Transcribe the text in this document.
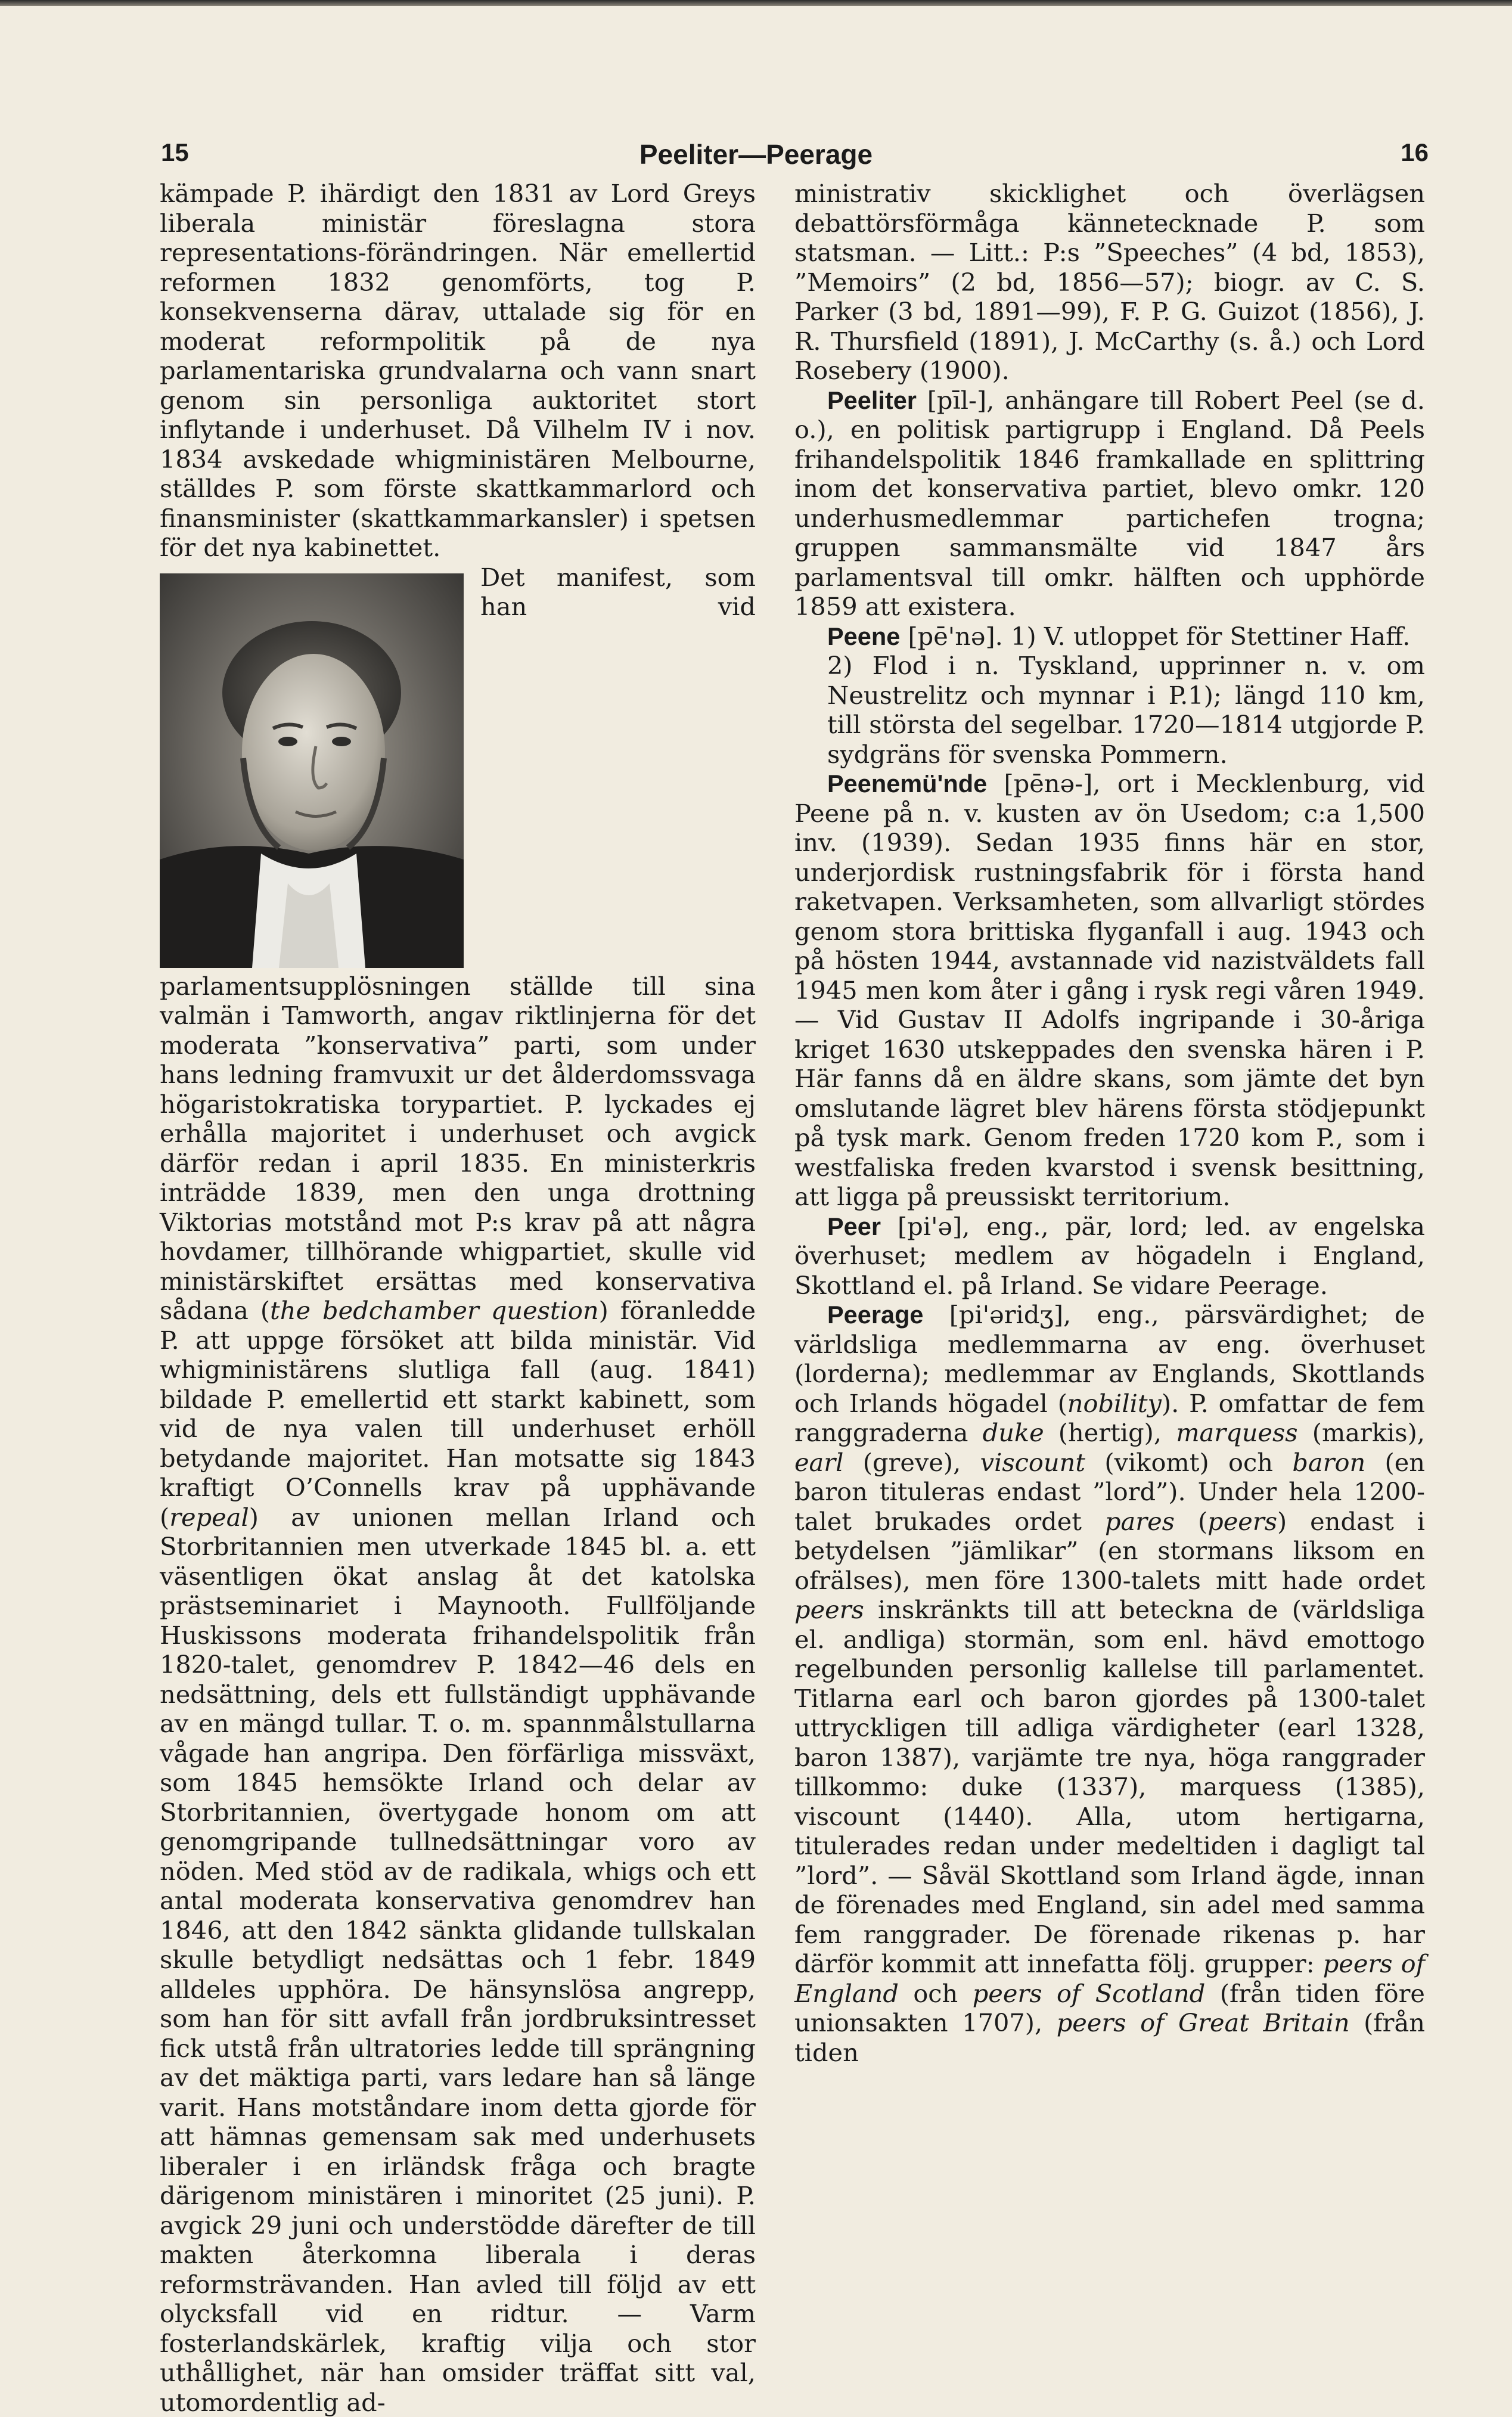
15	Peeliter—Peerage	16

kämpade P. ihärdigt den 1831 av Lord Greys liberala ministär föreslagna stora representations-förändringen. När emellertid reformen 1832 genomförts, tog P. konsekvenserna därav, uttalade sig för en moderat reformpolitik på de nya parlamentariska grundvalarna och vann snart genom sin personliga auktoritet stort inflytande i underhuset. Då Vilhelm IV i nov. 1834 avskedade whigministären Melbourne, ställdes P. som förste skattkammarlord och finansminister (skattkammarkansler) i spetsen för det nya kabinettet.

Det manifest, som han vid parlamentsupplösningen ställde till sina valmän i Tamworth, angav riktlinjerna för det moderata ”konservativa” parti, som under hans ledning framvuxit ur det ålderdomssvaga högaristokratiska torypartiet. P. lyckades ej erhålla majoritet i underhuset och avgick därför redan i april 1835. En ministerkris inträdde 1839, men den unga drottning Viktorias motstånd mot P:s krav på att några hovdamer, tillhörande whigpartiet, skulle vid ministärskiftet ersättas med konservativa sådana (the bedchamber question) föranledde P. att uppge försöket att bilda ministär. Vid whigministärens slutliga fall (aug. 1841) bildade P. emellertid ett starkt kabinett, som vid de nya valen till underhuset erhöll betydande majoritet. Han motsatte sig 1843 kraftigt O’Connells krav på upphävande (repeal) av unionen mellan Irland och Storbritannien men utverkade 1845 bl. a. ett väsentligen ökat anslag åt det katolska prästseminariet i Maynooth. Fullföljande Huskissons moderata frihandelspolitik från 1820-talet, genomdrev P. 1842—46 dels en nedsättning, dels ett fullständigt upphävande av en mängd tullar. T. o. m. spannmålstullarna vågade han angripa. Den förfärliga missväxt, som 1845 hemsökte Irland och delar av Storbritannien, övertygade honom om att genomgripande tullnedsättningar voro av nöden. Med stöd av de radikala, whigs och ett antal moderata konservativa genomdrev han 1846, att den 1842 sänkta glidande tullskalan skulle betydligt nedsättas och 1 febr. 1849 alldeles upphöra. De hänsynslösa angrepp, som han för sitt avfall från jordbruksintresset fick utstå från ultratories ledde till sprängning av det mäktiga parti, vars ledare han så länge varit. Hans motståndare inom detta gjorde för att hämnas gemensam sak med underhusets liberaler i en irländsk fråga och bragte därigenom ministären i minoritet (25 juni). P. avgick 29 juni och understödde därefter de till makten återkomna liberala i deras reformsträvanden. Han avled till följd av ett olycksfall vid en ridtur. — Varm fosterlandskärlek, kraftig vilja och stor uthållighet, när han omsider träffat sitt val, utomordentlig ad-

ministrativ skicklighet och överlägsen debattörsförmåga kännetecknade P. som statsman. — Litt.: P:s ”Speeches” (4 bd, 1853), ”Memoirs” (2 bd, 1856—57); biogr. av C. S. Parker (3 bd, 1891—99), F. P. G. Guizot (1856), J. R. Thursfield (1891), J. McCarthy (s. å.) och Lord Rosebery (1900).

Peeliter [pīl-], anhängare till Robert Peel (se d. o.), en politisk partigrupp i England. Då Peels frihandelspolitik 1846 framkallade en splittring inom det konservativa partiet, blevo omkr. 120 underhusmedlemmar partichefen trogna; gruppen sammansmälte vid 1847 års parlamentsval till omkr. hälften och upphörde 1859 att existera.

Peene [pē'nə]. 1) V. utloppet för Stettiner Haff.

2) Flod i n. Tyskland, upprinner n. v. om Neustrelitz och mynnar i P.1); längd 110 km, till största del segelbar. 1720—1814 utgjorde P. sydgräns för svenska Pommern.

Peenemü'nde [pēnə-], ort i Mecklenburg, vid Peene på n. v. kusten av ön Usedom; c:a 1,500 inv. (1939). Sedan 1935 finns här en stor, underjordisk rustningsfabrik för i första hand raketvapen. Verksamheten, som allvarligt stördes genom stora brittiska flyganfall i aug. 1943 och på hösten 1944, avstannade vid nazistväldets fall 1945 men kom åter i gång i rysk regi våren 1949. — Vid Gustav II Adolfs ingripande i 30-åriga kriget 1630 utskeppades den svenska hären i P. Här fanns då en äldre skans, som jämte det byn omslutande lägret blev härens första stödjepunkt på tysk mark. Genom freden 1720 kom P., som i westfaliska freden kvarstod i svensk besittning, att ligga på preussiskt territorium.

Peer [pi'ə], eng., pär, lord; led. av engelska överhuset; medlem av högadeln i England, Skottland el. på Irland. Se vidare Peerage.

Peerage [pi'əridʒ], eng., pärsvärdighet; de världsliga medlemmarna av eng. överhuset (lorderna); medlemmar av Englands, Skottlands och Irlands högadel (nobility). P. omfattar de fem ranggraderna duke (hertig), marquess (markis), earl (greve), viscount (vikomt) och baron (en baron tituleras endast ”lord”). Under hela 1200-talet brukades ordet pares (peers) endast i betydelsen ”jämlikar” (en stormans liksom en ofrälses), men före 1300-talets mitt hade ordet peers inskränkts till att beteckna de (världsliga el. andliga) stormän, som enl. hävd emottogo regelbunden personlig kallelse till parlamentet. Titlarna earl och baron gjordes på 1300-talet uttryckligen till adliga värdigheter (earl 1328, baron 1387), varjämte tre nya, höga ranggrader tillkommo: duke (1337), marquess (1385), viscount (1440). Alla, utom hertigarna, titulerades redan under medeltiden i dagligt tal ”lord”. — Såväl Skottland som Irland ägde, innan de förenades med England, sin adel med samma fem ranggrader. De förenade rikenas p. har därför kommit att innefatta följ. grupper: peers of England och peers of Scotland (från tiden före unionsakten 1707), peers of Great Britain (från tiden
